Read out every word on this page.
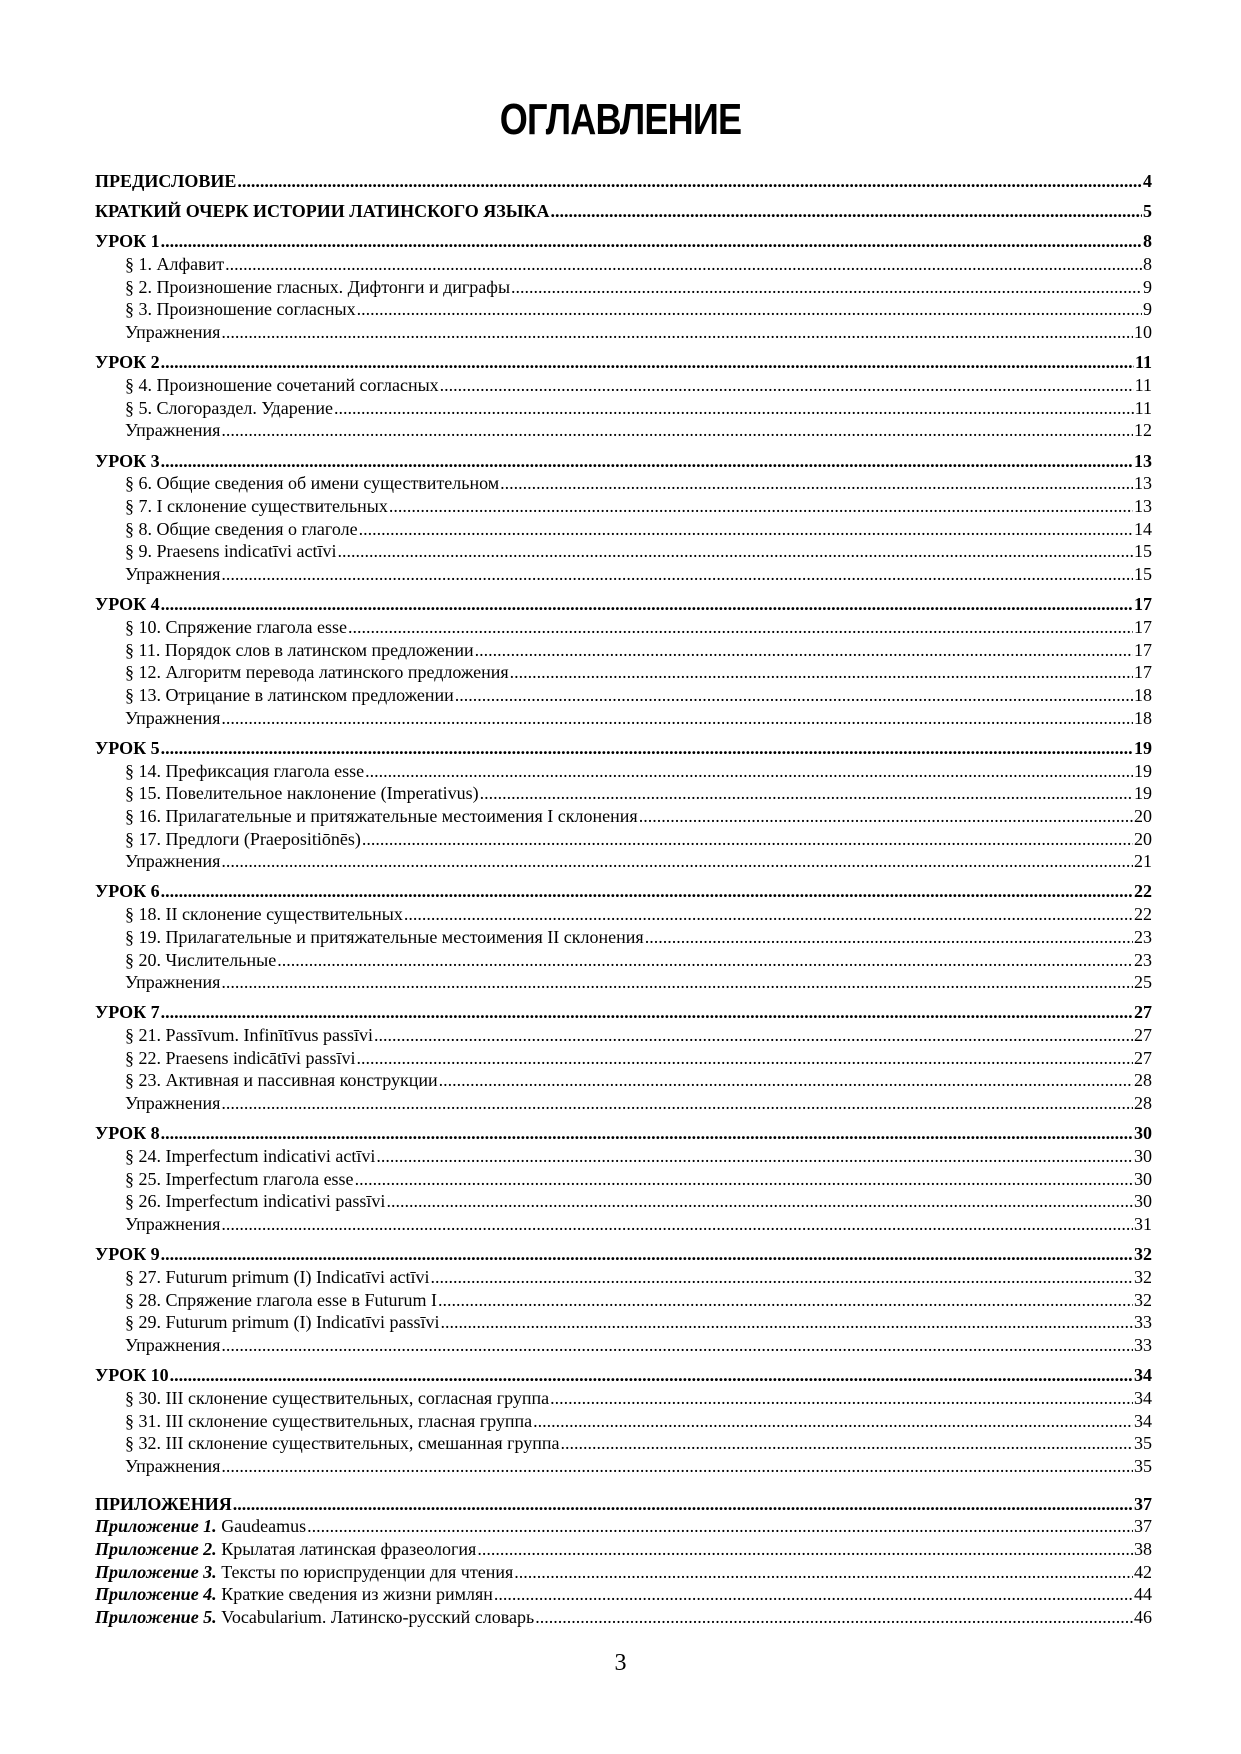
ОГЛАВЛЕНИЕ
ПРЕДИСЛОВИЕ .....	4
КРАТКИЙ ОЧЕРК ИСТОРИИ ЛАТИНСКОГО ЯЗЫКА .....	5
УРОК 1 .....	8
§ 1. Алфавит .....	8
§ 2. Произношение гласных. Дифтонги и диграфы .....	9
§ 3. Произношение согласных .....	9
Упражнения .....	10
УРОК 2 .....	11
§ 4. Произношение сочетаний согласных .....	11
§ 5. Слогораздел. Ударение .....	11
Упражнения .....	12
УРОК 3 .....	13
§ 6. Общие сведения об имени существительном .....	13
§ 7. I склонение существительных .....	13
§ 8. Общие сведения о глаголе .....	14
§ 9. Praesens indicatīvi actīvi .....	15
Упражнения .....	15
УРОК 4 .....	17
§ 10. Спряжение глагола esse .....	17
§ 11. Порядок слов в латинском предложении .....	17
§ 12. Алгоритм перевода латинского предложения .....	17
§ 13. Отрицание в латинском предложении .....	18
Упражнения .....	18
УРОК 5 .....	19
§ 14. Префиксация глагола esse .....	19
§ 15. Повелительное наклонение (Imperativus) .....	19
§ 16. Прилагательные и притяжательные местоимения I склонения .....	20
§ 17. Предлоги (Praepositiōnēs) .....	20
Упражнения .....	21
УРОК 6 .....	22
§ 18. II склонение существительных .....	22
§ 19. Прилагательные и притяжательные местоимения II склонения .....	23
§ 20. Числительные .....	23
Упражнения .....	25
УРОК 7 .....	27
§ 21. Passīvum. Infinītīvus passīvi .....	27
§ 22. Praesens indicātīvi passīvi .....	27
§ 23. Активная и пассивная конструкции .....	28
Упражнения .....	28
УРОК 8 .....	30
§ 24. Imperfectum indicativi actīvi .....	30
§ 25. Imperfectum глагола esse .....	30
§ 26. Imperfectum indicativi passīvi .....	30
Упражнения .....	31
УРОК 9 .....	32
§ 27. Futurum primum (I) Indicatīvi actīvi .....	32
§ 28. Спряжение глагола esse в Futurum I .....	32
§ 29. Futurum primum (I) Indicatīvi passīvi .....	33
Упражнения .....	33
УРОК 10 .....	34
§ 30. III склонение существительных, согласная группа .....	34
§ 31. III склонение существительных, гласная группа .....	34
§ 32. III склонение существительных, смешанная группа .....	35
Упражнения .....	35
ПРИЛОЖЕНИЯ .....	37
Приложение 1. Gaudeamus .....	37
Приложение 2. Крылатая латинская фразеология .....	38
Приложение 3. Тексты по юриспруденции для чтения .....	42
Приложение 4. Краткие сведения из жизни римлян .....	44
Приложение 5. Vocabularium. Латинско-русский словарь .....	46
3
